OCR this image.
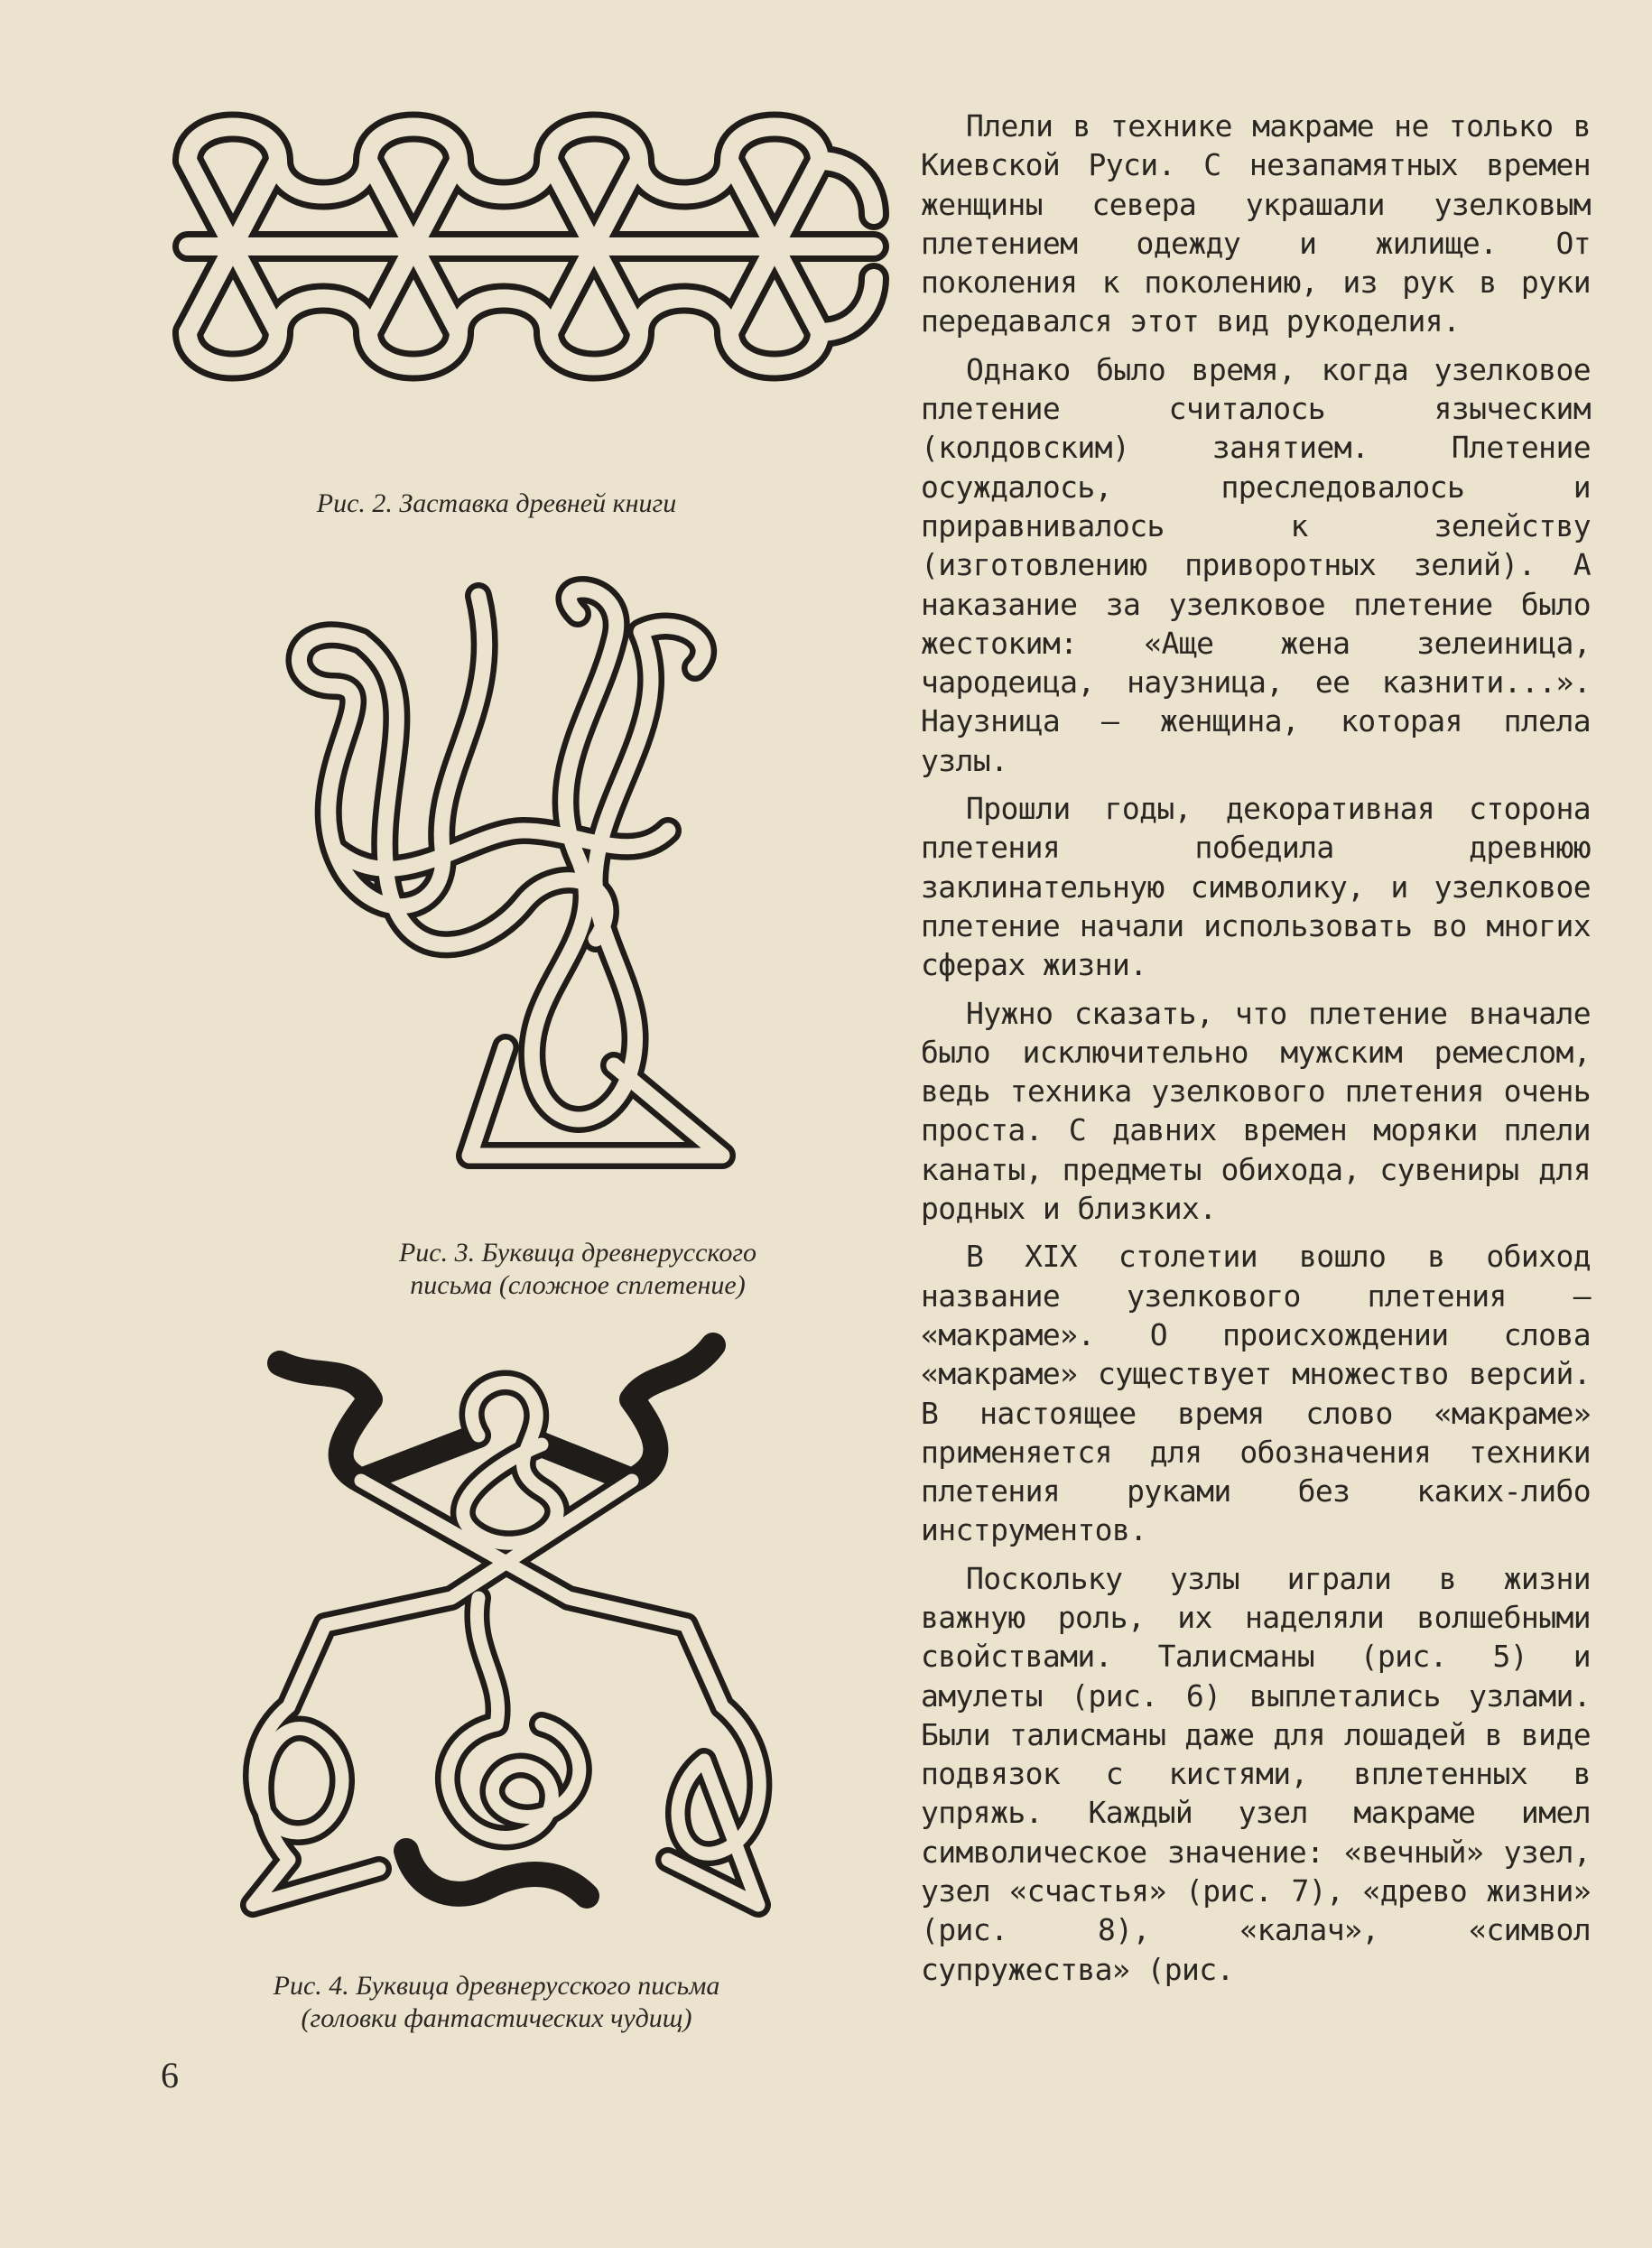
Рис. 2. Заставка древней книги
Рис. 3. Буквица древнерусского
письма (сложное сплетение)
Рис. 4. Буквица древнерусского письма
(головки фантастических чудищ)

Плели в технике макраме не только в Киевской Руси. С незапамятных времен женщины севера украшали узелковым плетением одежду и жилище. От поколения к поколению, из рук в руки передавался этот вид рукоделия.

Однако было время, когда узелковое плетение считалось языческим (колдовским) занятием. Плетение осуждалось, преследовалось и приравнивалось к зелейству (изготовлению приворотных зелий). А наказание за узелковое плетение было жестоким: «Аще жена зелеиница, чародеица, наузница, ее казнити...». Наузница — женщина, которая плела узлы.

Прошли годы, декоративная сторона плетения победила древнюю заклинательную символику, и узелковое плетение начали использовать во многих сферах жизни.

Нужно сказать, что плетение вначале было исключительно мужским ремеслом, ведь техника узелкового плетения очень проста. С давних времен моряки плели канаты, предметы обихода, сувениры для родных и близких.

В XIX столетии вошло в обиход название узелкового плетения — «макраме». О происхождении слова «макраме» существует множество версий. В настоящее время слово «макраме» применяется для обозначения техники плетения руками без каких-либо инструментов.

Поскольку узлы играли в жизни важную роль, их наделяли волшебными свойствами. Талисманы (рис. 5) и амулеты (рис. 6) выплетались узлами. Были талисманы даже для лошадей в виде подвязок с кистями, вплетенных в упряжь. Каждый узел макраме имел символическое значение: «вечный» узел, узел «счастья» (рис. 7), «древо жизни» (рис. 8), «калач», «символ супружества» (рис.

6
